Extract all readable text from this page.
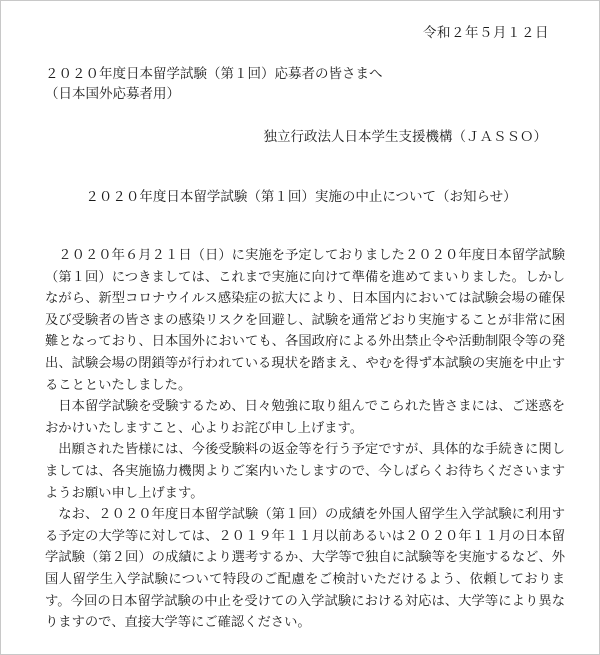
令和２年５月１２日
２０２０年度日本留学試験（第１回）応募者の皆さまへ
（日本国外応募者用）
独立行政法人日本学生支援機構（ＪＡＳＳＯ）
２０２０年度日本留学試験（第１回）実施の中止について（お知らせ）

２０２０年６月２１日（日）に実施を予定しておりました２０２０年度日本留学試験（第１回）につきましては、これまで実施に向けて準備を進めてまいりました。しかしながら、新型コロナウイルス感染症の拡大により、日本国内においては試験会場の確保及び受験者の皆さまの感染リスクを回避し、試験を通常どおり実施することが非常に困難となっており、日本国外においても、各国政府による外出禁止令や活動制限令等の発出、試験会場の閉鎖等が行われている現状を踏まえ、やむを得ず本試験の実施を中止することといたしました。

日本留学試験を受験するため、日々勉強に取り組んでこられた皆さまには、ご迷惑をおかけいたしますこと、心よりお詫び申し上げます。

出願された皆様には、今後受験料の返金等を行う予定ですが、具体的な手続きに関しましては、各実施協力機関よりご案内いたしますので、今しばらくお待ちくださいますようお願い申し上げます。

なお、２０２０年度日本留学試験（第１回）の成績を外国人留学生入学試験に利用する予定の大学等に対しては、２０１９年１１月以前あるいは２０２０年１１月の日本留学試験（第２回）の成績により選考するか、大学等で独自に試験等を実施するなど、外国人留学生入学試験について特段のご配慮をご検討いただけるよう、依頼しております。今回の日本留学試験の中止を受けての入学試験における対応は、大学等により異なりますので、直接大学等にご確認ください。
